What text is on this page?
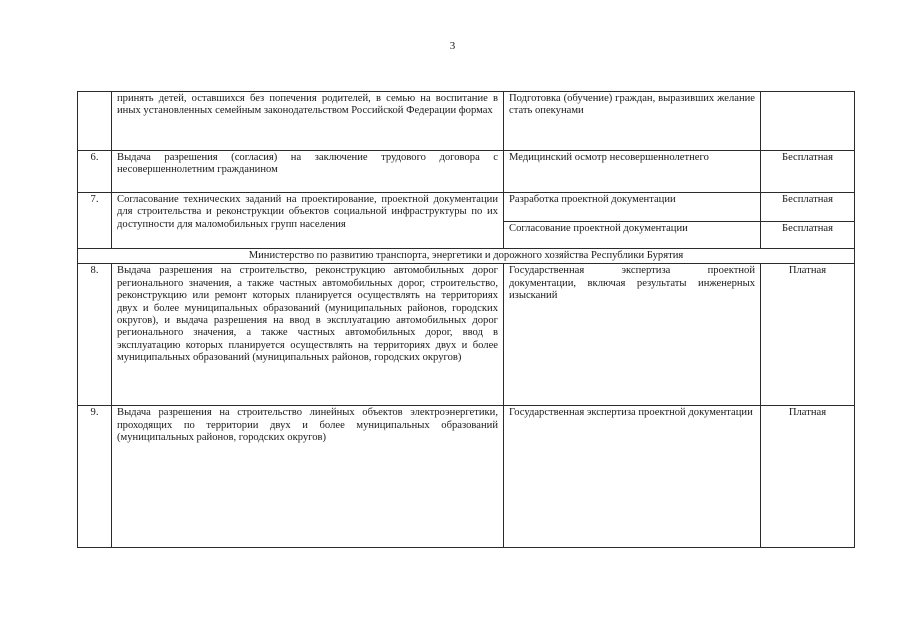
3
	принять детей, оставшихся без попечения родителей, в семью на воспитание в иных установленных семейным законодательством Российской Федерации формах	Подготовка (обучение) граждан, выразивших желание стать опекунами	
6.	Выдача разрешения (согласия) на заключение трудового договора с несовершеннолетним гражданином	Медицинский осмотр несовершеннолетнего	Бесплатная
7.	Согласование технических заданий на проектирование, проектной документации для строительства и реконструкции объектов социальной инфраструктуры по их доступности для маломобильных групп населения	Разработка проектной документации	Бесплатная
		Согласование проектной документации	Бесплатная
Министерство по развитию транспорта, энергетики и дорожного хозяйства Республики Бурятия			
8.	Выдача разрешения на строительство, реконструкцию автомобильных дорог регионального значения, а также частных автомобильных дорог, строительство, реконструкцию или ремонт которых планируется осуществлять на территориях двух и более муниципальных образований (муниципальных районов, городских округов), и выдача разрешения на ввод в эксплуатацию автомобильных дорог регионального значения, а также частных автомобильных дорог, ввод в эксплуатацию которых планируется осуществлять на территориях двух и более муниципальных образований (муниципальных районов, городских округов)	Государственная экспертиза проектной документации, включая результаты инженерных изысканий	Платная
9.	Выдача разрешения на строительство линейных объектов электроэнергетики, проходящих по территории двух и более муниципальных образований (муниципальных районов, городских округов)	Государственная экспертиза проектной документации	Платная
